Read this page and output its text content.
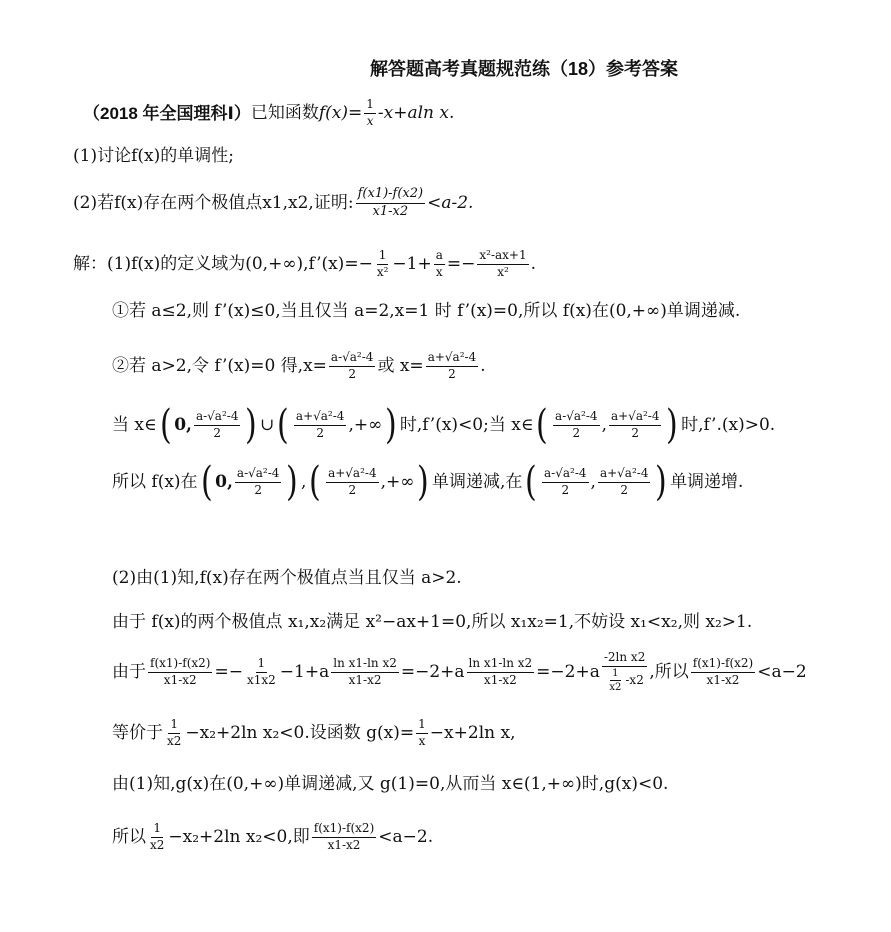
解答题高考真题规范练（18）参考答案
（2018 年全国理科Ⅰ） 已知函数 $f(x)= \frac{1}{x} -x+aln$ x.
(1)讨论f(x)的单调性;
(2)若f(x)存在两个极值点x1,x2,证明: $\frac{f(x1)-f(x2)}{x1-x2} <a-2$.
解：(1)f(x)的定义域为(0,+∞),f’(x)=− $\frac{1}{\text{x²}} -1+ \frac{a}{x} =- \frac{\text{x²-ax+1}}{\text{x²}}$ .
①若 a≤2,则 f’(x)≤0,当且仅当 a=2,x=1 时 f’(x)=0,所以 f(x)在(0,+∞)单调递减.
②若 a>2,令 f’(x)=0 得$,x= \frac{\text{a-√a²-4}}{2}$ 或 $x= \frac{\text{a+√a²-4}}{2}$ .
当 x∈ ( 0, $\frac{\text{a-√a²-4}}{2}$ ) ∪ ( $\frac{\text{a+√a²-4}}{2}$ ,+∞ ) 时,f’(x)<0;当 x∈ ( $\frac{\text{a-√a²-4}}{2}$ , $\frac{\text{a+√a²-4}}{2}$ ) 时,f’.(x)>0.
所以 f(x)在 ( 0, $\frac{\text{a-√a²-4}}{2}$ ) , ( $\frac{\text{a+√a²-4}}{2}$ ,+∞ ) 单调递减,在 ( $\frac{\text{a-√a²-4}}{2}$ , $\frac{\text{a+√a²-4}}{2}$ ) 单调递增.
(2)由(1)知,f(x)存在两个极值点当且仅当 a>2.
由于 f(x)的两个极值点 x₁,x₂满足 x²−ax+1=0,所以 x₁x₂=1,不妨设 x₁<x₂,则 x₂>1.
由于 $\frac{f(x1)-f(x2)}{x1-x2} =- \frac{1}{x1x2} -1+a \frac{\text{ln x1-ln x2}}{x1-x2} =-2+a \frac{\text{ln x1-ln x2}}{x1-x2} =-2+a \frac{\text{-2ln x2}}{\frac{1}{x2} -x2}$ ,所以 $\frac{f(x1)-f(x2)}{x1-x2} <a-2$
等价于 $\frac{1}{x2} -x_2+2\ln$ x₂<0.设函数 $g(x)= \frac{1}{x} -x+2\ln$ x,
由(1)知,g(x)在(0,+∞)单调递减,又 g(1)=0,从而当 x∈(1,+∞)时,g(x)<0.
所以 $\frac{1}{x2} -x_2+2\ln$ x₂<0,即 $\frac{f(x1)-f(x2)}{x1-x2} <a-2$.
